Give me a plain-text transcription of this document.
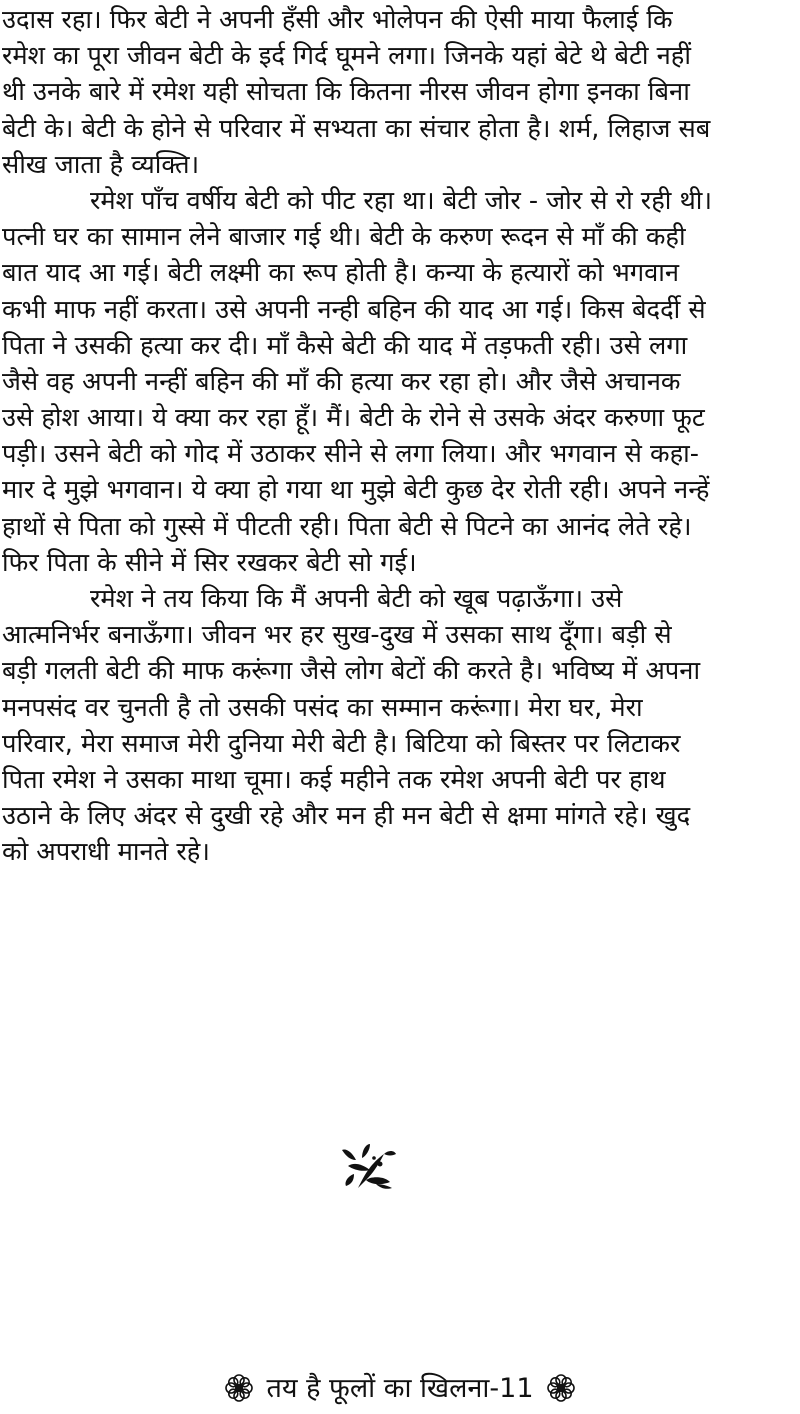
उदास रहा। फिर बेटी ने अपनी हँसी और भोलेपन की ऐसी माया फैलाई कि
रमेश का पूरा जीवन बेटी के इर्द गिर्द घूमने लगा। जिनके यहां बेटे थे बेटी नहीं
थी उनके बारे में रमेश यही सोचता कि कितना नीरस जीवन होगा इनका बिना
बेटी के। बेटी के होने से परिवार में सभ्यता का संचार होता है। शर्म, लिहाज सब
सीख जाता है व्यक्ति।
रमेश पाँच वर्षीय बेटी को पीट रहा था। बेटी जोर - जोर से रो रही थी।
पत्नी घर का सामान लेने बाजार गई थी। बेटी के करुण रूदन से माँ की कही
बात याद आ गई। बेटी लक्ष्मी का रूप होती है। कन्या के हत्यारों को भगवान
कभी माफ नहीं करता। उसे अपनी नन्ही बहिन की याद आ गई। किस बेदर्दी से
पिता ने उसकी हत्या कर दी। माँ कैसे बेटी की याद में तड़फती रही। उसे लगा
जैसे वह अपनी नन्हीं बहिन की माँ की हत्या कर रहा हो। और जैसे अचानक
उसे होश आया। ये क्या कर रहा हूँ। मैं। बेटी के रोने से उसके अंदर करुणा फूट
पड़ी। उसने बेटी को गोद में उठाकर सीने से लगा लिया। और भगवान से कहा-
मार दे मुझे भगवान। ये क्या हो गया था मुझे बेटी कुछ देर रोती रही। अपने नन्हें
हाथों से पिता को गुस्से में पीटती रही। पिता बेटी से पिटने का आनंद लेते रहे।
फिर पिता के सीने में सिर रखकर बेटी सो गई।
रमेश ने तय किया कि मैं अपनी बेटी को खूब पढ़ाऊँगा। उसे
आत्मनिर्भर बनाऊँगा। जीवन भर हर सुख-दुख में उसका साथ दूँगा। बड़ी से
बड़ी गलती बेटी की माफ करूंगा जैसे लोग बेटों की करते है। भविष्य में अपना
मनपसंद वर चुनती है तो उसकी पसंद का सम्मान करूंगा। मेरा घर, मेरा
परिवार, मेरा समाज मेरी दुनिया मेरी बेटी है। बिटिया को बिस्तर पर लिटाकर
पिता रमेश ने उसका माथा चूमा। कई महीने तक रमेश अपनी बेटी पर हाथ
उठाने के लिए अंदर से दुखी रहे और मन ही मन बेटी से क्षमा मांगते रहे। खुद
को अपराधी मानते रहे।
तय है फूलों का खिलना-11
